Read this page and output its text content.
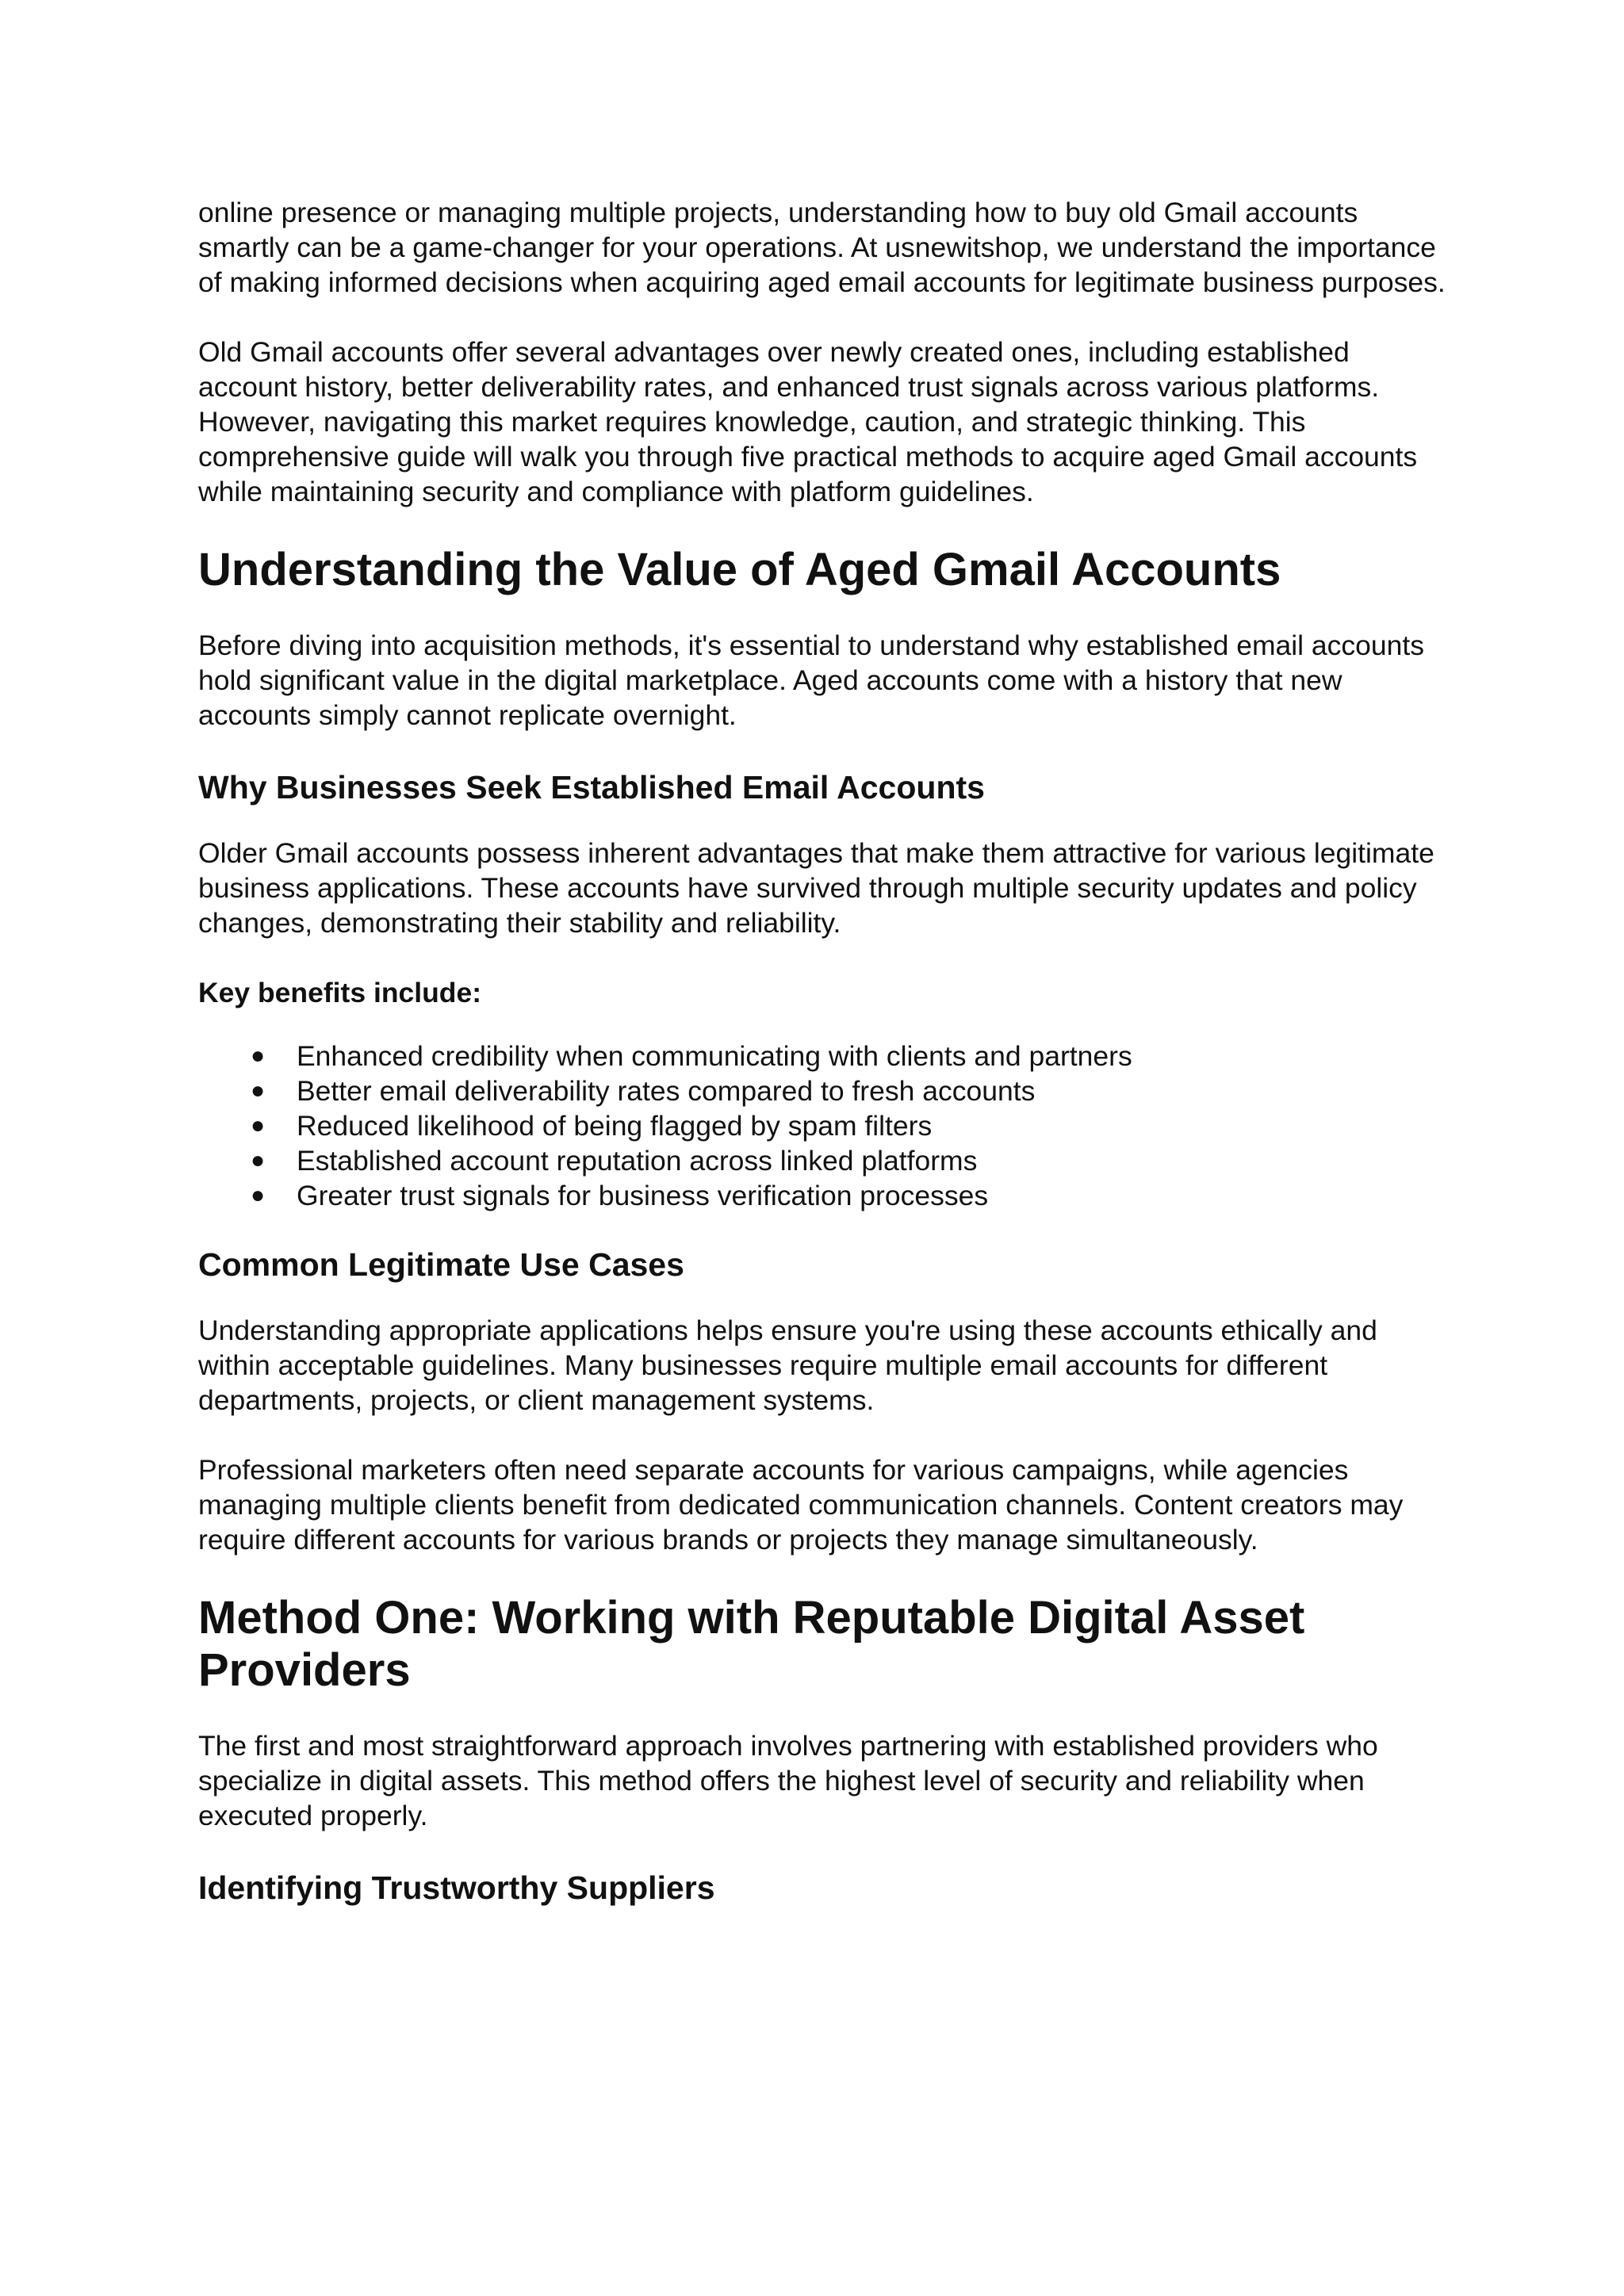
online presence or managing multiple projects, understanding how to buy old Gmail accounts smartly can be a game-changer for your operations. At usnewitshop, we understand the importance of making informed decisions when acquiring aged email accounts for legitimate business purposes.

Old Gmail accounts offer several advantages over newly created ones, including established account history, better deliverability rates, and enhanced trust signals across various platforms. However, navigating this market requires knowledge, caution, and strategic thinking. This comprehensive guide will walk you through five practical methods to acquire aged Gmail accounts while maintaining security and compliance with platform guidelines.

Understanding the Value of Aged Gmail Accounts

Before diving into acquisition methods, it's essential to understand why established email accounts hold significant value in the digital marketplace. Aged accounts come with a history that new accounts simply cannot replicate overnight.

Why Businesses Seek Established Email Accounts

Older Gmail accounts possess inherent advantages that make them attractive for various legitimate business applications. These accounts have survived through multiple security updates and policy changes, demonstrating their stability and reliability.

Key benefits include:

● Enhanced credibility when communicating with clients and partners
● Better email deliverability rates compared to fresh accounts
● Reduced likelihood of being flagged by spam filters
● Established account reputation across linked platforms
● Greater trust signals for business verification processes
Common Legitimate Use Cases

Understanding appropriate applications helps ensure you're using these accounts ethically and within acceptable guidelines. Many businesses require multiple email accounts for different departments, projects, or client management systems.

Professional marketers often need separate accounts for various campaigns, while agencies managing multiple clients benefit from dedicated communication channels. Content creators may require different accounts for various brands or projects they manage simultaneously.

Method One: Working with Reputable Digital Asset Providers

The first and most straightforward approach involves partnering with established providers who specialize in digital assets. This method offers the highest level of security and reliability when executed properly.

Identifying Trustworthy Suppliers
